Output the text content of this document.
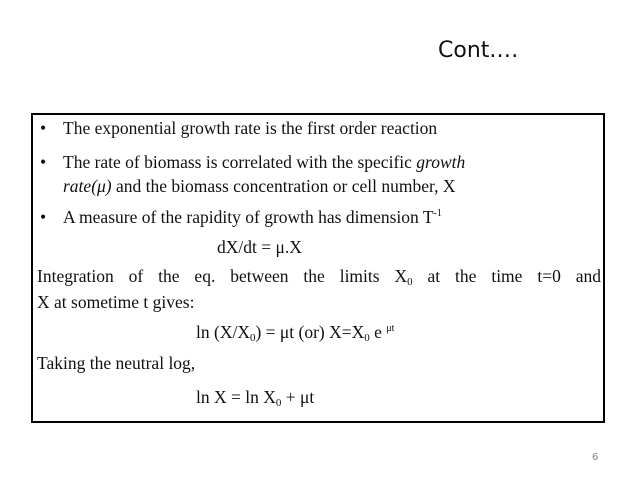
Cont.…
• The exponential growth rate is the first order reaction
• The rate of biomass is correlated with the specific growth
rate(μ) and the biomass concentration or cell number, X
• A measure of the rapidity of growth has dimension $T^{-1}$
dX/dt = μ.X
Integration of the eq. between the limits $X_0$ at the time t=0 and
X at sometime t gives:
$\ln (X/X_0) = \mu t$ (or) $X=X_0$ e $^{\mu t}$
Taking the neutral log,
$\ln X = \ln X_0 + \mu t$
6
